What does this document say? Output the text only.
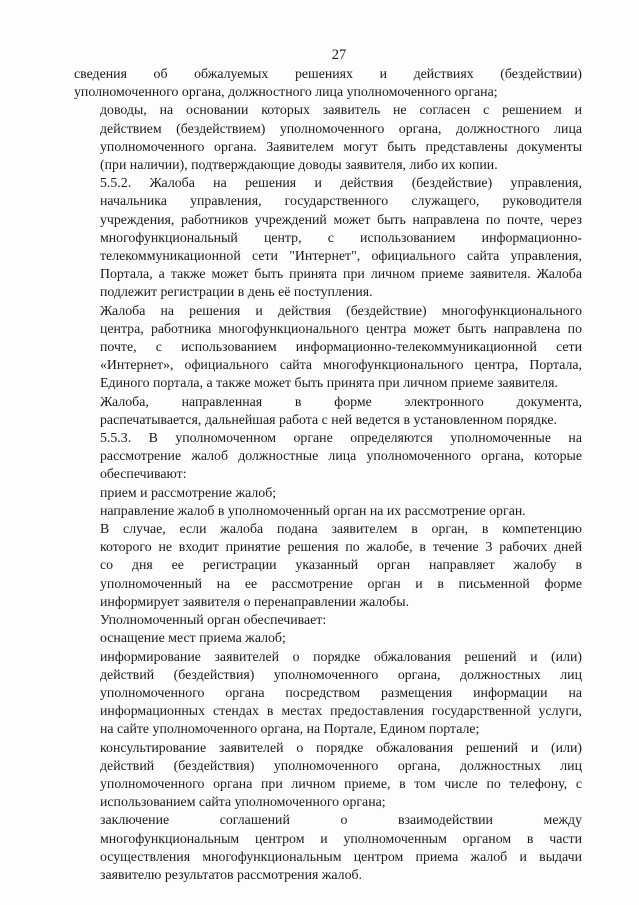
27

сведения об обжалуемых решениях и действиях (бездействии)
уполномоченного органа, должностного лица уполномоченного органа;

доводы, на основании которых заявитель не согласен с решением и
действием (бездействием) уполномоченного органа, должностного лица
уполномоченного органа. Заявителем могут быть представлены документы
(при наличии), подтверждающие доводы заявителя, либо их копии.

5.5.2. Жалоба на решения и действия (бездействие) управления,
начальника управления, государственного служащего, руководителя
учреждения, работников учреждений может быть направлена по почте, через
многофункциональный центр, с использованием информационно-
телекоммуникационной сети "Интернет", официального сайта управления,
Портала, а также может быть принята при личном приеме заявителя. Жалоба
подлежит регистрации в день её поступления.

Жалоба на решения и действия (бездействие) многофункционального
центра, работника многофункционального центра может быть направлена по
почте, с использованием информационно-телекоммуникационной сети
«Интернет», официального сайта многофункционального центра, Портала,
Единого портала, а также может быть принята при личном приеме заявителя.

Жалоба, направленная в форме электронного документа,
распечатывается, дальнейшая работа с ней ведется в установленном порядке.

5.5.3. В уполномоченном органе определяются уполномоченные на
рассмотрение жалоб должностные лица уполномоченного органа, которые
обеспечивают:

прием и рассмотрение жалоб;

направление жалоб в уполномоченный орган на их рассмотрение орган.

В случае, если жалоба подана заявителем в орган, в компетенцию
которого не входит принятие решения по жалобе, в течение 3 рабочих дней
со дня ее регистрации указанный орган направляет жалобу в
уполномоченный на ее рассмотрение орган и в письменной форме
информирует заявителя о перенаправлении жалобы.

Уполномоченный орган обеспечивает:

оснащение мест приема жалоб;

информирование заявителей о порядке обжалования решений и (или)
действий (бездействия) уполномоченного органа, должностных лиц
уполномоченного органа посредством размещения информации на
информационных стендах в местах предоставления государственной услуги,
на сайте уполномоченного органа, на Портале, Едином портале;

консультирование заявителей о порядке обжалования решений и (или)
действий (бездействия) уполномоченного органа, должностных лиц
уполномоченного органа при личном приеме, в том числе по телефону, с
использованием сайта уполномоченного органа;

заключение соглашений о взаимодействии между
многофункциональным центром и уполномоченным органом в части
осуществления многофункциональным центром приема жалоб и выдачи
заявителю результатов рассмотрения жалоб.
